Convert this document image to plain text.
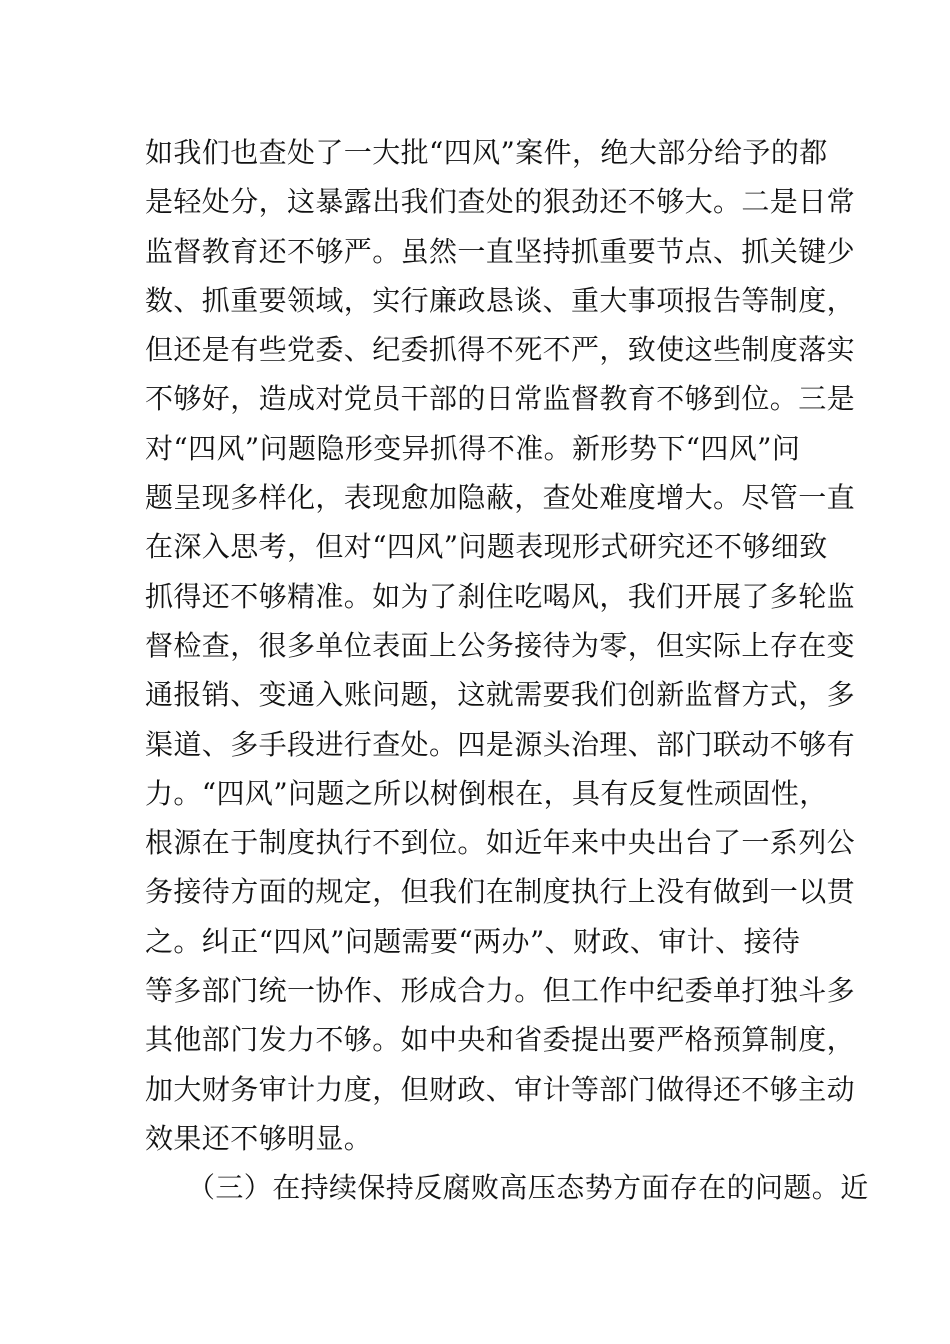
如我们也查处了一大批“四风”案件，绝大部分给予的都
是轻处分，这暴露出我们查处的狠劲还不够大。二是日常
监督教育还不够严。虽然一直坚持抓重要节点、抓关键少
数、抓重要领域，实行廉政恳谈、重大事项报告等制度，
但还是有些党委、纪委抓得不死不严，致使这些制度落实
不够好，造成对党员干部的日常监督教育不够到位。三是
对“四风”问题隐形变异抓得不准。新形势下“四风”问
题呈现多样化，表现愈加隐蔽，查处难度增大。尽管一直
在深入思考，但对“四风”问题表现形式研究还不够细致
抓得还不够精准。如为了刹住吃喝风，我们开展了多轮监
督检查，很多单位表面上公务接待为零，但实际上存在变
通报销、变通入账问题，这就需要我们创新监督方式，多
渠道、多手段进行查处。四是源头治理、部门联动不够有
力。“四风”问题之所以树倒根在，具有反复性顽固性，
根源在于制度执行不到位。如近年来中央出台了一系列公
务接待方面的规定，但我们在制度执行上没有做到一以贯
之。纠正“四风”问题需要“两办”、财政、审计、接待
等多部门统一协作、形成合力。但工作中纪委单打独斗多
其他部门发力不够。如中央和省委提出要严格预算制度，
加大财务审计力度，但财政、审计等部门做得还不够主动
效果还不够明显。
（三）在持续保持反腐败高压态势方面存在的问题。近
